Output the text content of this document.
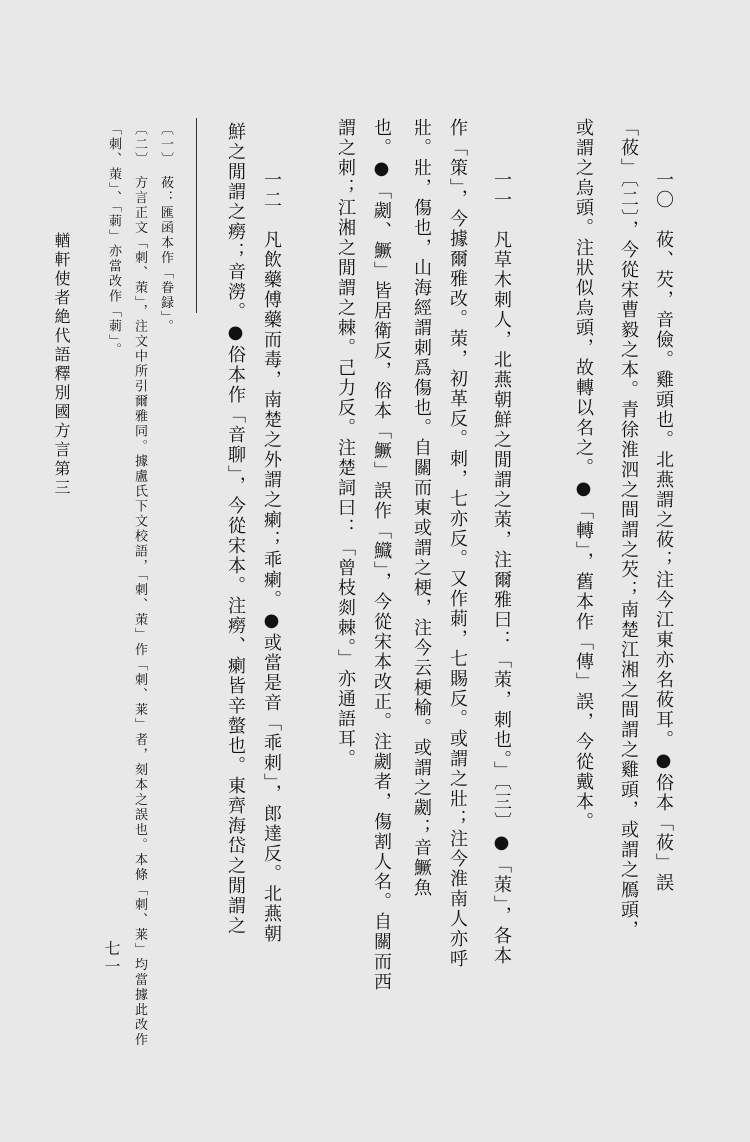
輶軒使者絶代語釋別國方言第三	「刺、茦」、「莿」亦當改作「莿」。 〔二〕　方言正文「刺、茦」，注文中所引爾雅同。據盧氏下文校語，「刺、茦」作「刺、莱」者，刻本之誤也。本條「刺、莱」均當據此改作 〔一〕　莜：匯函本作「眷録」。	鮮之閒謂之癆；音澇。●俗本作「音聊」，今從宋本。注癆、瘌皆辛螫也。東齊海岱之閒謂之 一二　凡飲藥傅藥而毒，南楚之外謂之瘌；乖瘌。●或當是音「乖刺」，郎達反。北燕朝	謂之刺；江湘之閒謂之棘。己力反。注楚詞曰：「曾枝剡棘。」亦通語耳。 也。●「劌、鱖」皆居衛反，俗本「鱖」誤作「鱵」，今從宋本改正。注劌者，傷割人名。自關而西 壯。壯，傷也，山海經謂刺爲傷也。自關而東或謂之梗，注今云梗榆。或謂之劌；音鱖魚 作「策」，今據爾雅改。茦，初革反。刺，七亦反。又作莿，七賜反。或謂之壯；注今淮南人亦呼 一一　凡草木刺人，北燕朝鮮之閒謂之茦，注爾雅曰：「茦，刺也。」〔三〕●「茦」，各本	或謂之烏頭。注狀似烏頭，故轉以名之。●「轉」，舊本作「傳」誤，今從戴本。 「莜」〔二〕，今從宋曹毅之本。青徐淮泗之間謂之芡；南楚江湘之間謂之雞頭，或謂之鴈頭， 一〇　莜、芡，音儉。雞頭也。北燕謂之莜；注今江東亦名莜耳。●俗本「莜」誤
七一
